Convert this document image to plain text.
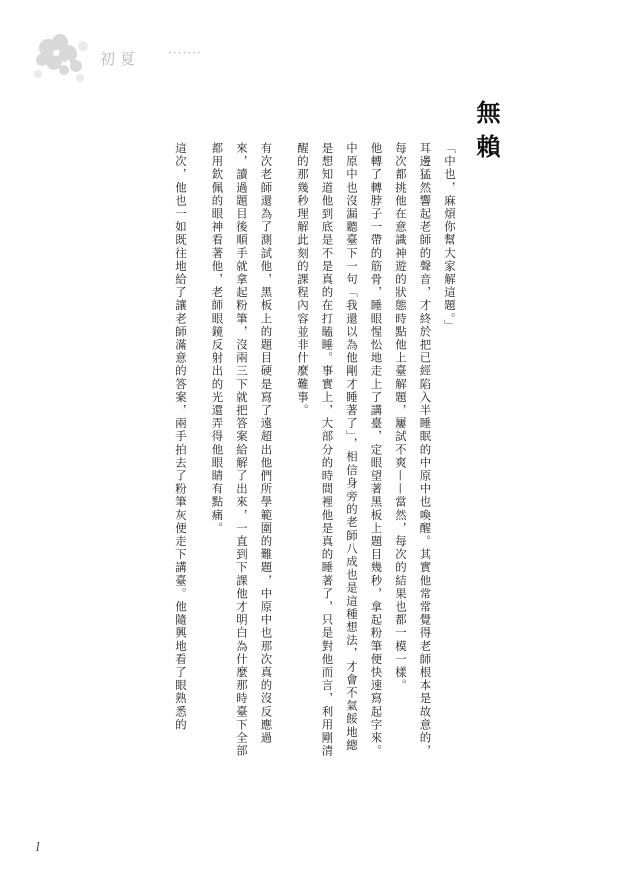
初夏 ·······
無賴

「中也，麻煩你幫大家解這題。」

耳邊猛然響起老師的聲音，才終於把已經陷入半睡眠的中原中也喚醒。其實他常常覺得老師根本是故意的，每次都挑他在意識神遊的狀態時點他上臺解題，屢試不爽——當然，每次的結果也都一模一樣。

他轉了轉脖子一帶的筋骨，睡眼惺忪地走上了講臺，定眼望著黑板上題目幾秒，拿起粉筆便快速寫起字來。

中原中也沒漏聽臺下一句「我還以為他剛才睡著了」，相信身旁的老師八成也是這種想法，才會不氣餒地總是想知道他到底是不是真的在打瞌睡。事實上，大部分的時間裡他是真的睡著了，只是對他而言，利用剛清醒的那幾秒理解此刻的課程內容並非什麼難事。

有次老師還為了測試他，黑板上的題目硬是寫了遠超出他們所學範圍的難題，中原中也那次真的沒反應過來，讀過題目後順手就拿起粉筆，沒兩三下就把答案給解了出來，一直到下課他才明白為什麼那時臺下全部都用欽佩的眼神看著他，老師眼鏡反射出的光還弄得他眼睛有點痛。

這次，他也一如既往地給了讓老師滿意的答案，兩手拍去了粉筆灰便走下講臺。他隨興地看了眼熟悉的

l
